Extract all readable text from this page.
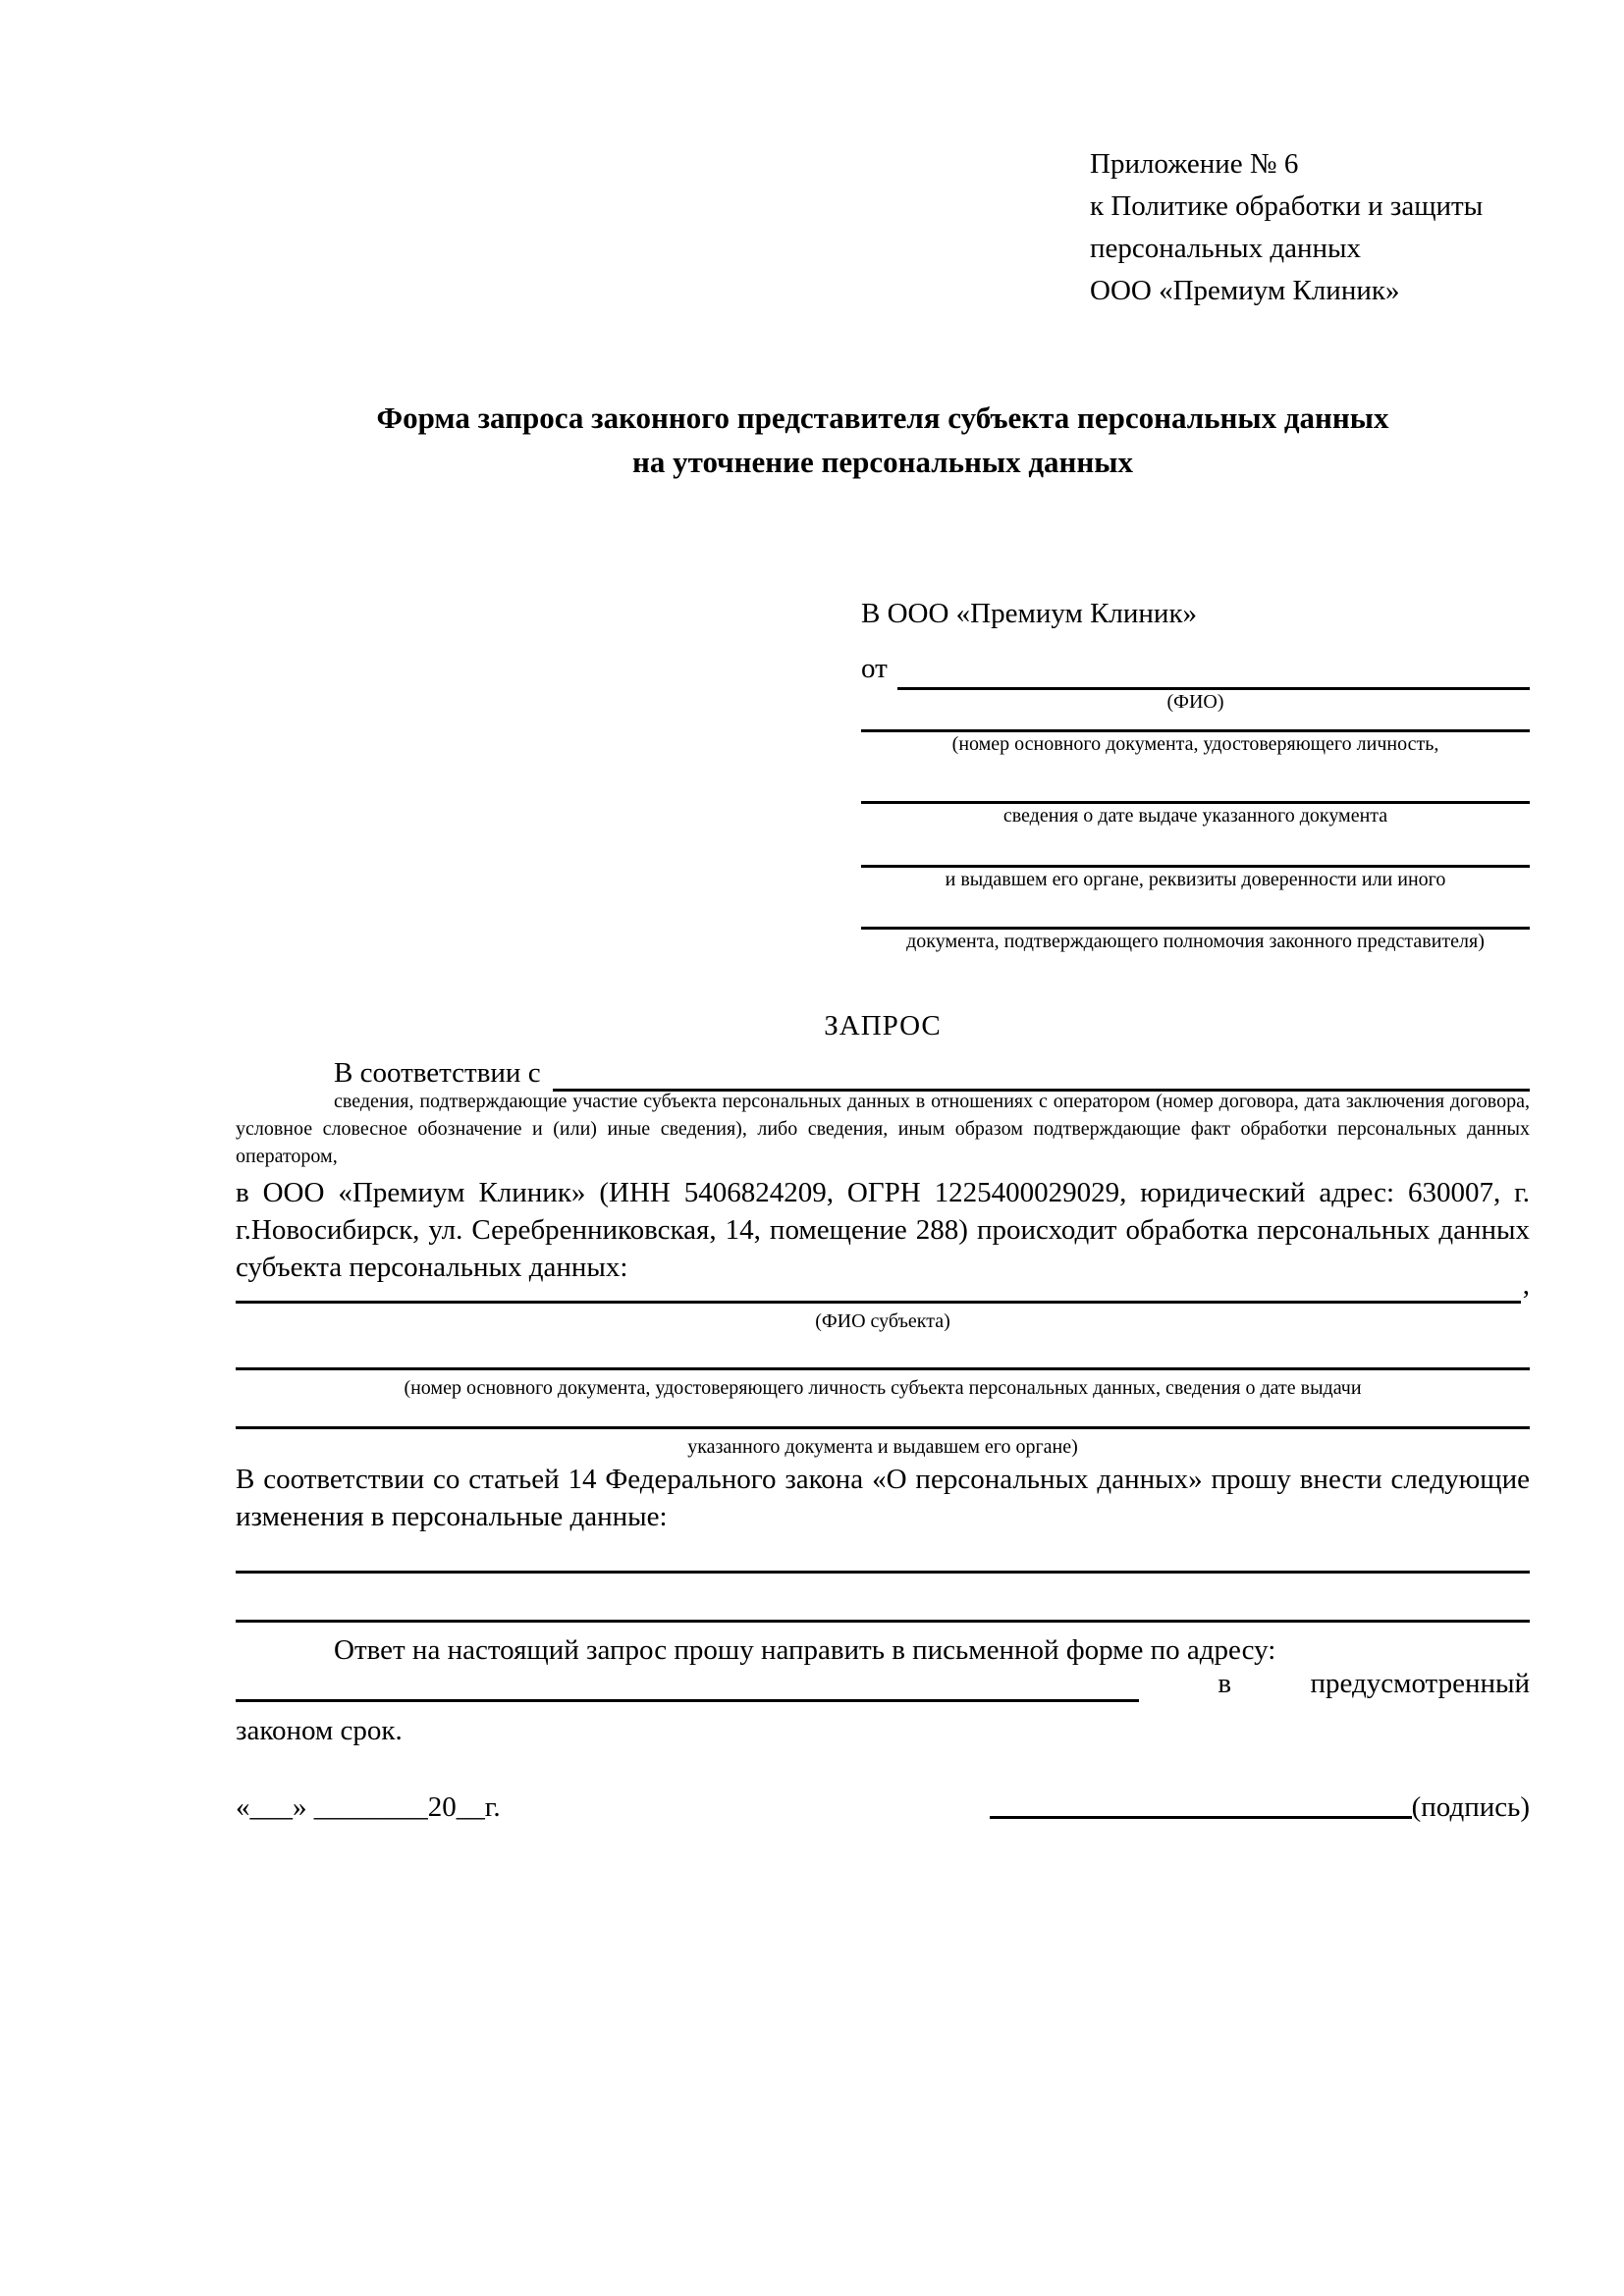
Приложение № 6
к Политике обработки и защиты
персональных данных
ООО «Премиум Клиник»
Форма запроса законного представителя субъекта персональных данных
на уточнение персональных данных
В ООО «Премиум Клиник»
от
(ФИО)
(номер основного документа, удостоверяющего личность,
сведения о дате выдаче указанного документа
и выдавшем его органе, реквизиты доверенности или иного
документа, подтверждающего полномочия законного представителя)
ЗАПРОС
В соответствии с
сведения, подтверждающие участие субъекта персональных данных в отношениях с оператором (номер договора, дата заключения договора, условное словесное обозначение и (или) иные сведения), либо сведения, иным образом подтверждающие факт обработки персональных данных оператором,
в ООО «Премиум Клиник» (ИНН 5406824209, ОГРН 1225400029029, юридический адрес: 630007, г. г.Новосибирск, ул. Серебренниковская, 14, помещение 288) происходит обработка персональных данных субъекта персональных данных:
,
(ФИО субъекта)
(номер основного документа, удостоверяющего личность субъекта персональных данных, сведения о дате выдачи
указанного документа и выдавшем его органе)
В соответствии со статьей 14 Федерального закона «О персональных данных» прошу внести следующие изменения в персональные данные:
Ответ на настоящий запрос прошу направить в письменной форме по адресу:
в	предусмотренный
законом срок.
«___» ________20__г.	(подпись)
